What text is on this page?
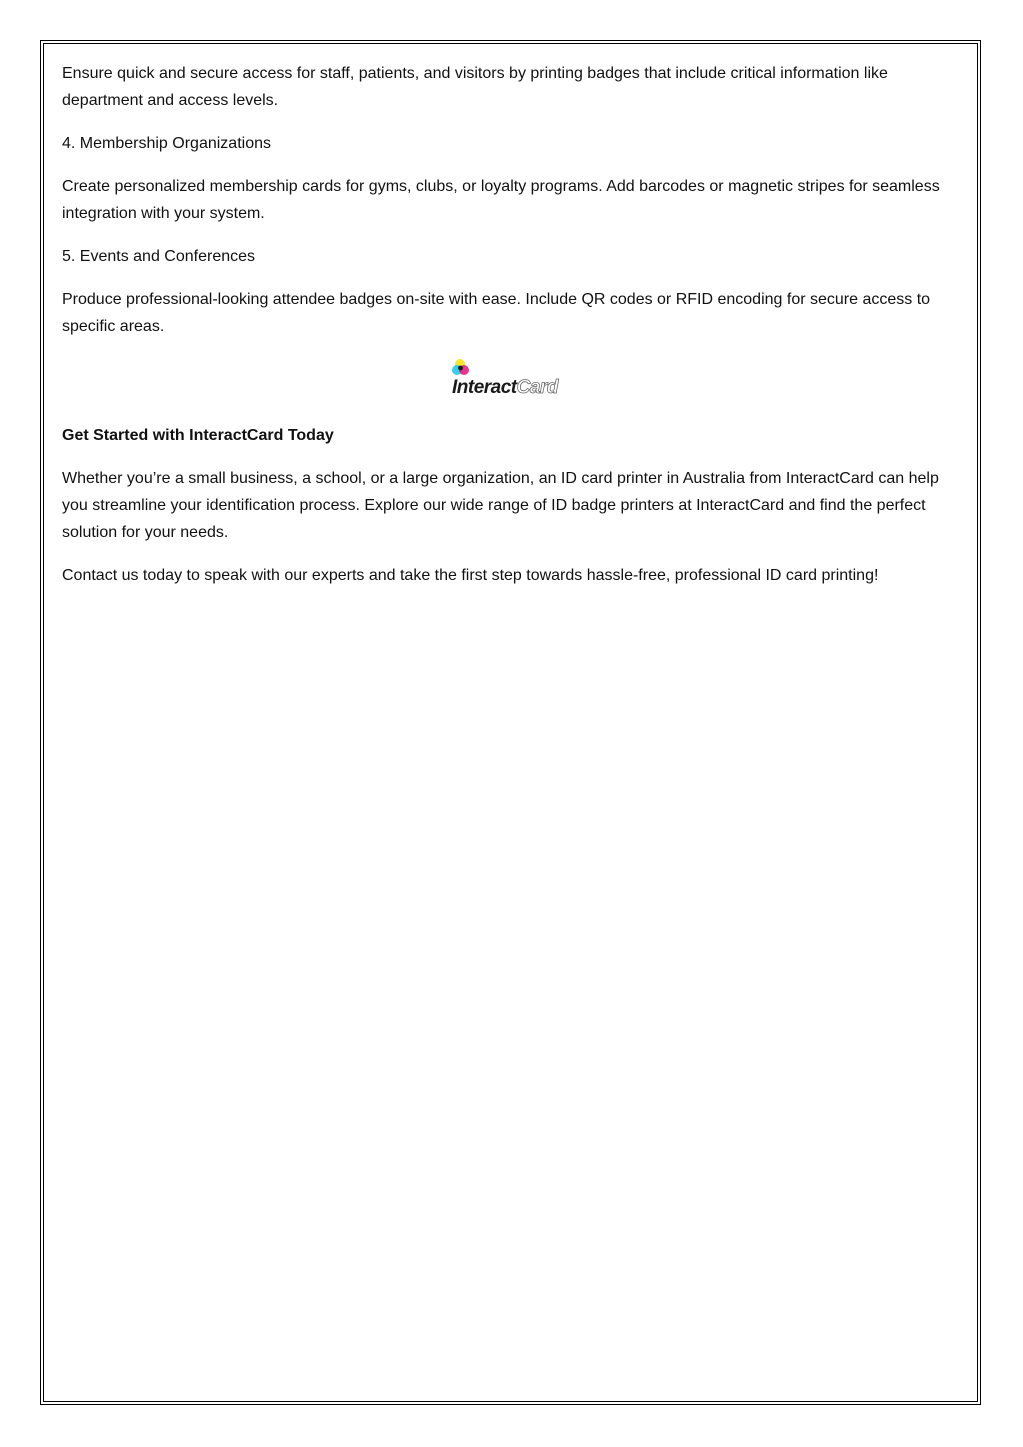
Ensure quick and secure access for staff, patients, and visitors by printing badges that include critical information like department and access levels.

4. Membership Organizations

Create personalized membership cards for gyms, clubs, or loyalty programs. Add barcodes or magnetic stripes for seamless integration with your system.

5. Events and Conferences

Produce professional-looking attendee badges on-site with ease. Include QR codes or RFID encoding for secure access to specific areas.

InteractCard

Get Started with InteractCard Today

Whether you’re a small business, a school, or a large organization, an ID card printer in Australia from InteractCard can help you streamline your identification process. Explore our wide range of ID badge printers at InteractCard and find the perfect solution for your needs.

Contact us today to speak with our experts and take the first step towards hassle-free, professional ID card printing!
